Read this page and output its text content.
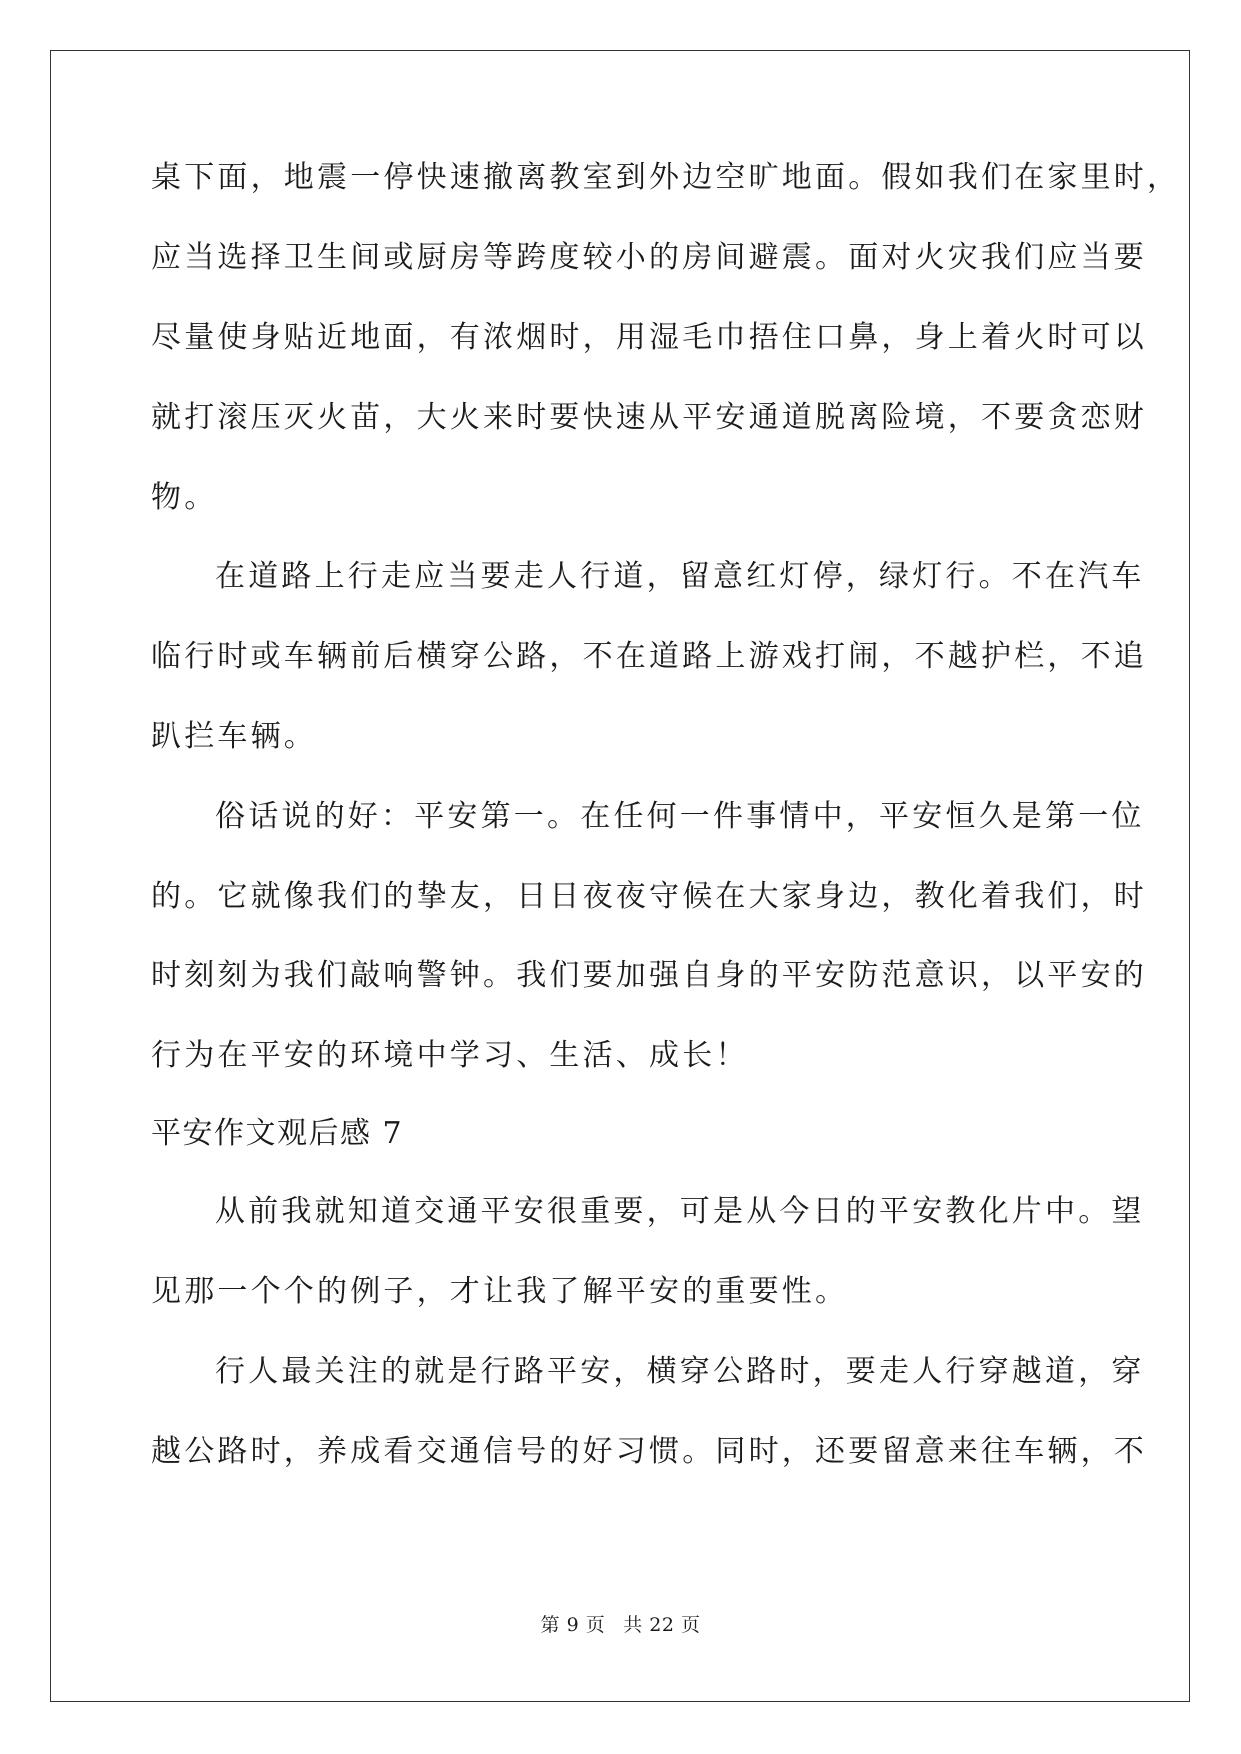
桌下面，地震一停快速撤离教室到外边空旷地面。假如我们在家里时，
应当选择卫生间或厨房等跨度较小的房间避震。面对火灾我们应当要
尽量使身贴近地面，有浓烟时，用湿毛巾捂住口鼻，身上着火时可以
就打滚压灭火苗，大火来时要快速从平安通道脱离险境，不要贪恋财
物。
在道路上行走应当要走人行道，留意红灯停，绿灯行。不在汽车
临行时或车辆前后横穿公路，不在道路上游戏打闹，不越护栏，不追
趴拦车辆。
俗话说的好：平安第一。在任何一件事情中，平安恒久是第一位
的。它就像我们的挚友，日日夜夜守候在大家身边，教化着我们，时
时刻刻为我们敲响警钟。我们要加强自身的平安防范意识，以平安的
行为在平安的环境中学习、生活、成长！
平安作文观后感 7
从前我就知道交通平安很重要，可是从今日的平安教化片中。望
见那一个个的例子，才让我了解平安的重要性。
行人最关注的就是行路平安，横穿公路时，要走人行穿越道，穿
越公路时，养成看交通信号的好习惯。同时，还要留意来往车辆，不
第 9 页 共 22 页
